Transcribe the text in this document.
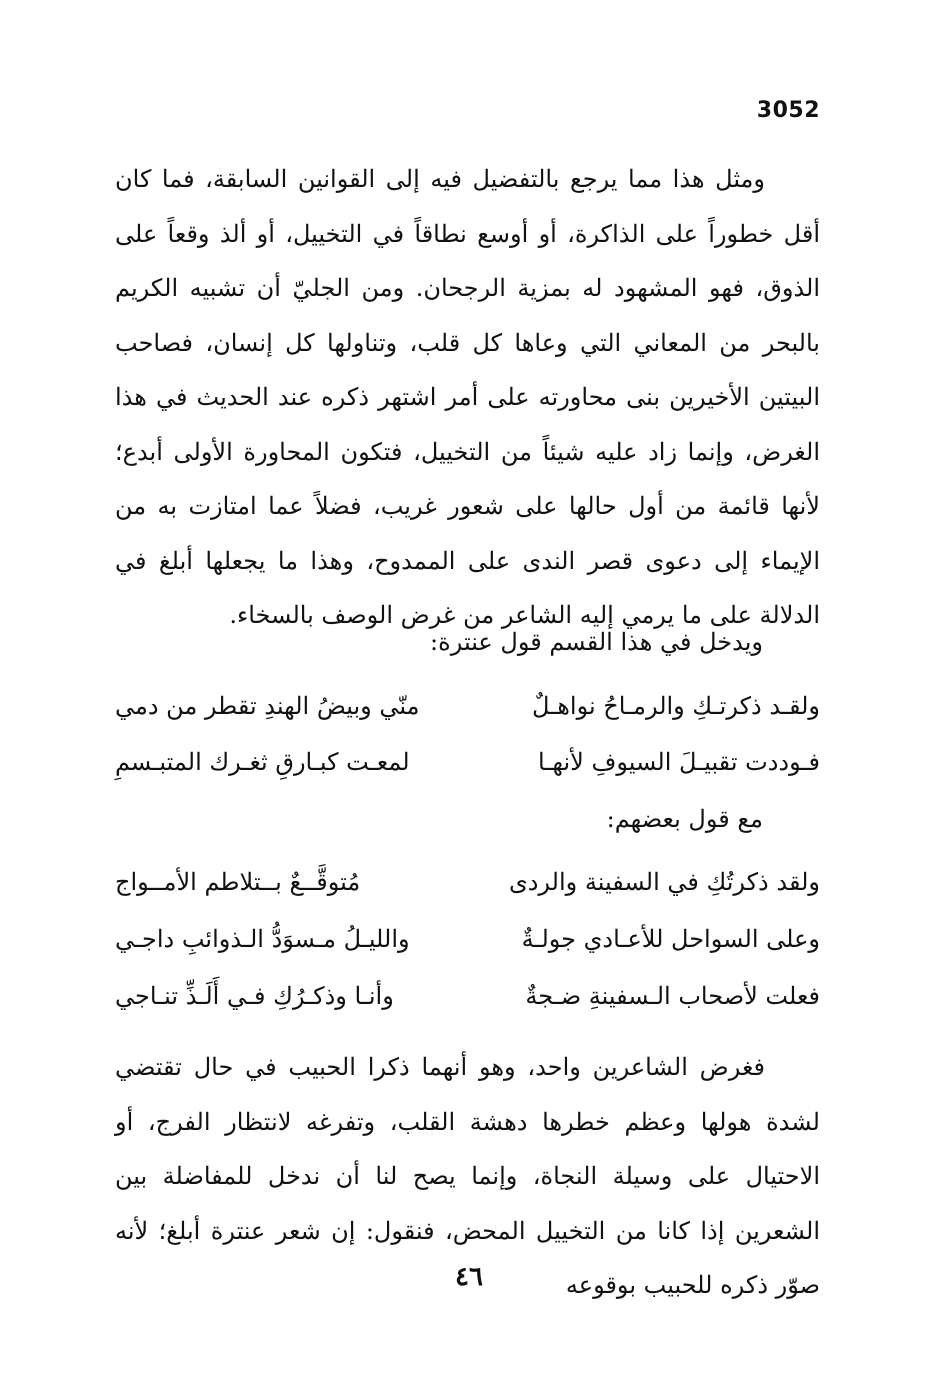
3052

ومثل هذا مما يرجع بالتفضيل فيه إلى القوانين السابقة، فما كان أقل خطوراً على الذاكرة، أو أوسع نطاقاً في التخييل، أو ألذ وقعاً على الذوق، فهو المشهود له بمزية الرجحان. ومن الجليّ أن تشبيه الكريم بالبحر من المعاني التي وعاها كل قلب، وتناولها كل إنسان، فصاحب البيتين الأخيرين بنى محاورته على أمر اشتهر ذكره عند الحديث في هذا الغرض، وإنما زاد عليه شيئاً من التخييل، فتكون المحاورة الأولى أبدع؛ لأنها قائمة من أول حالها على شعور غريب، فضلاً عما امتازت به من الإيماء إلى دعوى قصر الندى على الممدوح، وهذا ما يجعلها أبلغ في الدلالة على ما يرمي إليه الشاعر من غرض الوصف بالسخاء.

ويدخل في هذا القسم قول عنترة:
ولقـد ذكرتـكِ والرمـاحُ نواهـلٌ
منّي وبيضُ الهندِ تقطر من دمي
فـوددت تقبيـلَ السيوفِ لأنهـا
لمعـت كبـارقِ ثغـرك المتبـسمِ
مع قول بعضهم:
ولقد ذكرتُكِ في السفينة والردى
مُتوقَّــعٌ بــتلاطم الأمــواج
وعلى السواحل للأعـادي جولـةٌ
والليـلُ مـسوَدُّ الـذوائبِ داجـي
فعلت لأصحاب الـسفينةِ ضـجةٌ
وأنـا وذكـرُكِ فـي أَلَـذِّ تنـاجي

فغرض الشاعرين واحد، وهو أنهما ذكرا الحبيب في حال تقتضي لشدة هولها وعظم خطرها دهشة القلب، وتفرغه لانتظار الفرج، أو الاحتيال على وسيلة النجاة، وإنما يصح لنا أن ندخل للمفاضلة بين الشعرين إذا كانا من التخييل المحض، فنقول: إن شعر عنترة أبلغ؛ لأنه صوّر ذكره للحبيب بوقوعه

٤٦
